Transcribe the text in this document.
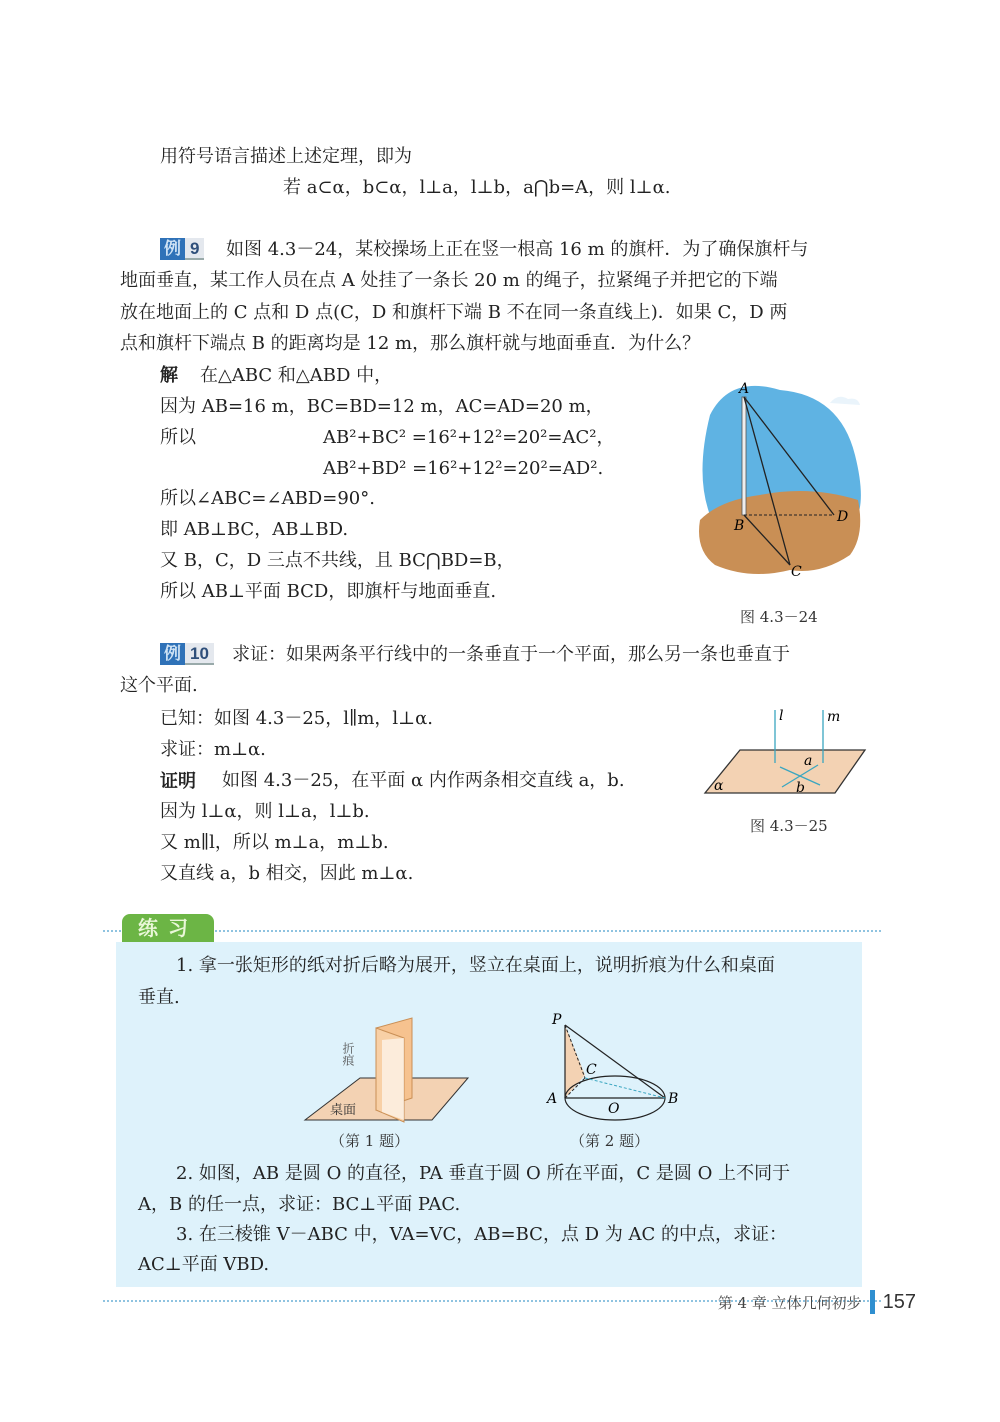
用符号语言描述上述定理，即为
若 a⊂α，b⊂α，l⊥a，l⊥b，a⋂b=A，则 l⊥α.
例 9 如图 4.3－24，某校操场上正在竖一根高 16 m 的旗杆．为了确保旗杆与
地面垂直，某工作人员在点 A 处挂了一条长 20 m 的绳子，拉紧绳子并把它的下端
放在地面上的 C 点和 D 点(C，D 和旗杆下端 B 不在同一条直线上)．如果 C，D 两
点和旗杆下端点 B 的距离均是 12 m，那么旗杆就与地面垂直．为什么？
解 在△ABC 和△ABD 中，
因为 AB=16 m，BC=BD=12 m，AC=AD=20 m，
所以	AB²+BC² =16²+12²=20²=AC²，
AB²+BD² =16²+12²=20²=AD².
所以∠ABC=∠ABD=90°.
即 AB⊥BC，AB⊥BD.
又 B，C，D 三点不共线，且 BC⋂BD=B，
所以 AB⊥平面 BCD，即旗杆与地面垂直.
A
B
C
D
图 4.3－24
例 10 求证：如果两条平行线中的一条垂直于一个平面，那么另一条也垂直于
这个平面.
已知：如图 4.3－25，l∥m，l⊥α.
求证：m⊥α.
证明 如图 4.3－25，在平面 α 内作两条相交直线 a，b.
因为 l⊥α，则 l⊥a，l⊥b.
又 m∥l，所以 m⊥a，m⊥b.
又直线 a，b 相交，因此 m⊥α.
l	m
a
b
α
图 4.3－25
练习
1. 拿一张矩形的纸对折后略为展开，竖立在桌面上，说明折痕为什么和桌面
垂直.
折痕
桌面
（第 1 题）
P
C
A
O
B
（第 2 题）
2. 如图，AB 是圆 O 的直径，PA 垂直于圆 O 所在平面，C 是圆 O 上不同于
A，B 的任一点，求证：BC⊥平面 PAC.
3. 在三棱锥 V－ABC 中，VA=VC，AB=BC，点 D 为 AC 的中点，求证：
AC⊥平面 VBD.
第 4 章 立体几何初步 157
